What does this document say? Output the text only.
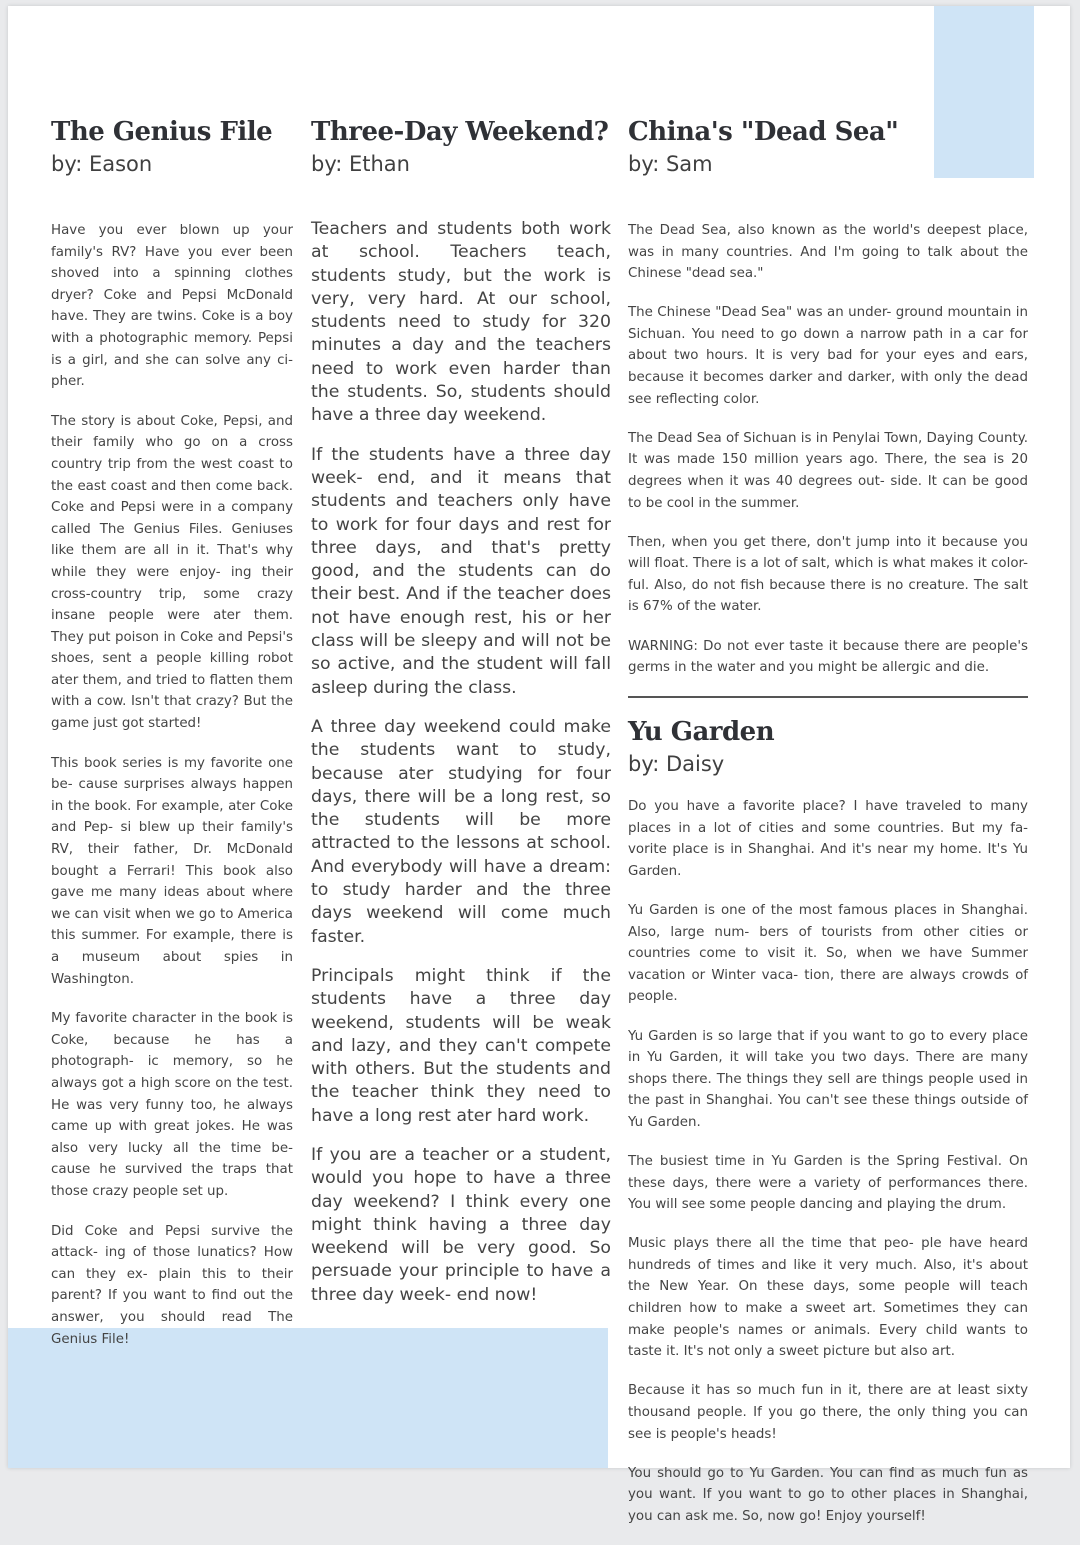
The Genius File
by: Eason

Have you ever blown up your family's RV? Have you ever been shoved into a spinning clothes dryer? Coke and Pepsi McDonald have. They are twins. Coke is a boy with a photographic memory. Pepsi is a girl, and she can solve any ci- pher.

The story is about Coke, Pepsi, and their family who go on a cross country trip from the west coast to the east coast and then come back. Coke and Pepsi were in a company called The Genius Files. Geniuses like them are all in it. That's why while they were enjoy- ing their cross-country trip, some crazy insane people were ater them. They put poison in Coke and Pepsi's shoes, sent a people killing robot ater them, and tried to flatten them with a cow. Isn't that crazy? But the game just got started!

This book series is my favorite one be- cause surprises always happen in the book. For example, ater Coke and Pep- si blew up their family's RV, their father, Dr. McDonald bought a Ferrari! This book also gave me many ideas about where we can visit when we go to America this summer. For example, there is a museum about spies in Washington.

My favorite character in the book is Coke, because he has a photograph- ic memory, so he always got a high score on the test. He was very funny too, he always came up with great jokes. He was also very lucky all the time be- cause he survived the traps that those crazy people set up.

Did Coke and Pepsi survive the attack- ing of those lunatics? How can they ex- plain this to their parent? If you want to find out the answer, you should read The Genius File!

Three-Day Weekend?
by: Ethan

Teachers and students both work at school. Teachers teach, students study, but the work is very, very hard. At our school, students need to study for 320 minutes a day and the teachers need to work even harder than the students. So, students should have a three day weekend.

If the students have a three day week- end, and it means that students and teachers only have to work for four days and rest for three days, and that's pretty good, and the students can do their best. And if the teacher does not have enough rest, his or her class will be sleepy and will not be so active, and the student will fall asleep during the class.

A three day weekend could make the students want to study, because ater studying for four days, there will be a long rest, so the students will be more attracted to the lessons at school. And everybody will have a dream: to study harder and the three days weekend will come much faster.

Principals might think if the students have a three day weekend, students will be weak and lazy, and they can't compete with others. But the students and the teacher think they need to have a long rest ater hard work.

If you are a teacher or a student, would you hope to have a three day weekend? I think every one might think having a three day weekend will be very good. So persuade your principle to have a three day week- end now!

China's "Dead Sea"
by: Sam

The Dead Sea, also known as the world's deepest place, was in many countries. And I'm going to talk about the Chinese "dead sea."

The Chinese "Dead Sea" was an under- ground mountain in Sichuan. You need to go down a narrow path in a car for about two hours. It is very bad for your eyes and ears, because it becomes darker and darker, with only the dead see reflecting color.

The Dead Sea of Sichuan is in Penylai Town, Daying County. It was made 150 million years ago. There, the sea is 20 degrees when it was 40 degrees out- side. It can be good to be cool in the summer.

Then, when you get there, don't jump into it because you will float. There is a lot of salt, which is what makes it color- ful. Also, do not fish because there is no creature. The salt is 67% of the water.

WARNING: Do not ever taste it because there are people's germs in the water and you might be allergic and die.

Yu Garden
by: Daisy

Do you have a favorite place? I have traveled to many places in a lot of cities and some countries. But my fa- vorite place is in Shanghai. And it's near my home. It's Yu Garden.

Yu Garden is one of the most famous places in Shanghai. Also, large num- bers of tourists from other cities or countries come to visit it. So, when we have Summer vacation or Winter vaca- tion, there are always crowds of people.

Yu Garden is so large that if you want to go to every place in Yu Garden, it will take you two days. There are many shops there. The things they sell are things people used in the past in Shanghai. You can't see these things outside of Yu Garden.

The busiest time in Yu Garden is the Spring Festival. On these days, there were a variety of performances there. You will see some people dancing and playing the drum.

Music plays there all the time that peo- ple have heard hundreds of times and like it very much. Also, it's about the New Year. On these days, some people will teach children how to make a sweet art. Sometimes they can make people's names or animals. Every child wants to taste it. It's not only a sweet picture but also art.

Because it has so much fun in it, there are at least sixty thousand people. If you go there, the only thing you can see is people's heads!

You should go to Yu Garden. You can find as much fun as you want. If you want to go to other places in Shanghai, you can ask me. So, now go! Enjoy yourself!
